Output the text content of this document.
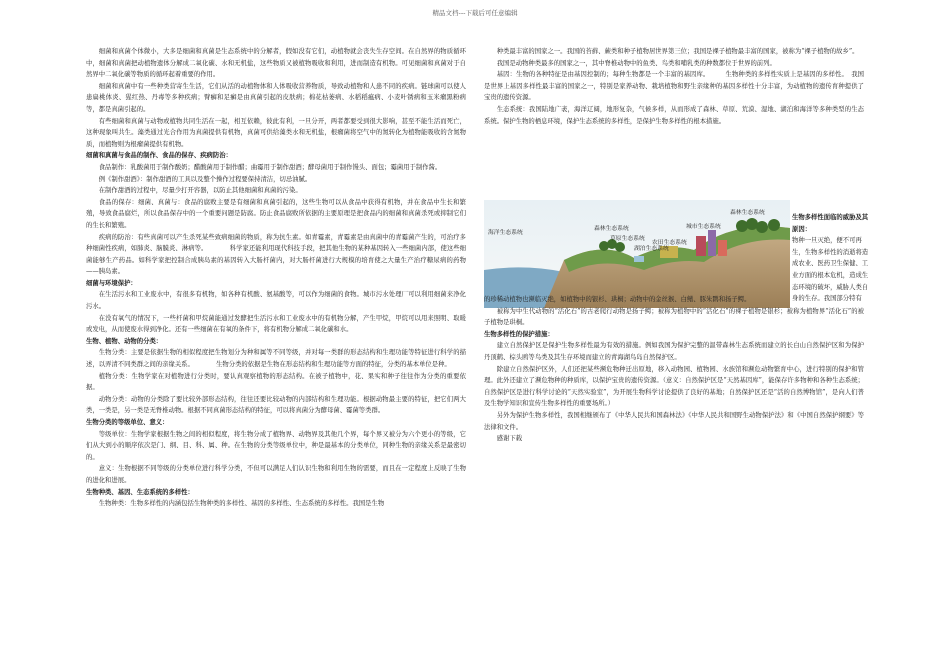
精品文档---下载后可任意编辑

细菌和真菌个体微小，大多是细菌和真菌是生态系统中的分解者，假如没有它们，动植物就会丧失生存空间。在自然界的物质循环中，细菌和真菌把动植物遗体分解成二氧化碳、水和无机盐，这些物质又被植物吸收和利用，进而制造有机物。可见细菌和真菌对于自然界中二氧化碳等物质的循环起着重要的作用。

细菌和真菌中有一些种类营寄生生活，它们从活的动植物体和人体吸收营养物质，导致动植物和人患不同的疾病。链球菌可以使人患扁桃体炎、猩红热、丹毒等多种疾病；臂癣和足癣是由真菌引起的皮肤病；棉花枯萎病、水稻稻瘟病、小麦叶锈病和玉米瘤黑粉病等，都是真菌引起的。

有些细菌和真菌与动物或植物共同生活在一起，相互依赖，彼此有利，一旦分开，两者都要受到很大影响，甚至不能生活而死亡，这种现象叫共生。藻类通过光合作用为真菌提供有机物，真菌可供给藻类水和无机盐，根瘤菌将空气中的氮转化为植物能吸收的含氮物质，而植物则为根瘤菌提供有机物。

细菌和真菌与食品的制作、食品的保存、疾病防治：

食品制作：乳酸菌用于制作酸奶；醋酸菌用于制作醋；曲霉用于制作甜酒；酵母菌用于制作馒头、面包；霉菌用于制作酱。

例《制作甜酒》：制作甜酒的工具以及整个操作过程要保持清洁，切忌油腻。

在制作甜酒的过程中，尽量少打开容器，以防止其他细菌和真菌的污染。

食品的保存：细菌、真菌与：食品的腐败主要是有细菌和真菌引起的，这些生物可以从食品中获得有机物，并在食品中生长和繁殖，导致食品腐烂，所以食品保存中的一个重要问题是防腐。防止食品腐败所依据的主要原理是把食品内的细菌和真菌杀死或抑制它们的生长和繁殖。

疾病的防治：有些真菌可以产生杀死某些致病细菌的物质，称为抗生素。如青霉素，青霉素是由真菌中的青霉菌产生的，可治疗多种细菌性疾病，如肺炎、脑膜炎、淋病等。　　　　科学家还能利用现代科技手段，把其他生物的某种基因转入一些细菌内部，使这些细菌能够生产药品。如科学家把控制合成胰岛素的基因转入大肠杆菌内，对大肠杆菌进行大规模的培育使之大量生产治疗糖尿病的药物——胰岛素。

细菌与环境保护：

在生活污水和工业废水中，有很多有机物，如各种有机酸、氨基酸等，可以作为细菌的食物。城市污水处理厂可以利用细菌来净化污水。

在没有氧气的情况下，一些杆菌和甲烷菌能通过发酵把生活污水和工业废水中的有机物分解，产生甲烷，甲烷可以用来照明、取暖或发电，从而使废水得到净化。还有一些细菌在有氧的条件下，将有机物分解成二氧化碳和水。

生物、植物、动物的分类：

生物分类：主要是依据生物的相似程度把生物划分为种和属等不同等级，并对每一类群的形态结构和生理功能等特征进行科学的描述，以弄清不同类群之间的亲缘关系。　　　　生物分类的依据是生物在形态结构和生理功能等方面的特征，分类的基本单位是种。

植物分类：生物学家在对植物进行分类时，要认真观察植物的形态结构。在被子植物中，花、果实和种子往往作为分类的重要依据。

动物分类：动物的分类除了要比较外部形态结构，往往还要比较动物的内部结构和生理功能。根据动物最主要的特征，把它们两大类，一类是，另一类是无脊椎动物。根据不同真菌形态结构的特征，可以将真菌分为酵母菌、霉菌等类群。

生物分类的等级单位、意义：

等级单位：生物学家根据生物之间的相似程度，将生物分成了植物界、动物界及其他几个界，每个界又被分为六个更小的等级，它们从大到小的顺序依次是门、纲、目、科、属、种。在生物的分类等级单位中，种是最基本的分类单位，同种生物的亲缘关系是最密切的。

意义：生物根据不同等级的分类单位进行科学分类，不但可以满足人们认识生物和利用生物的需要，而且在一定程度上反映了生物的进化和进展。

生物种类、基因、生态系统的多样性：

生物种类：生物多样性的内涵包括生物种类的多样性、基因的多样性、生态系统的多样性。我国是生物

种类最丰富的国家之一。我国的苔藓、蕨类和种子植物居世界第三位；我国是裸子植物最丰富的国家，被称为“裸子植物的故乡”。

我国是动物种类最多的国家之一，其中脊椎动物中的鱼类、鸟类和哺乳类的种数都位于世界的前列。

基因：生物的各种特征是由基因控制的；每种生物都是一个丰富的基因库。　　　生物种类的多样性实质上是基因的多样性。　我国是世界上基因多样性最丰富的国家之一，特别是家养动物、栽培植物和野生亲缘种的基因多样性十分丰富，为动植物的遗传育种提供了宝贵的遗传资源。

生态系统：我国陆地广袤，海洋辽阔，地形复杂，气候多样，从而形成了森林、草原、荒漠、湿地、湖泊和海洋等多种类型的生态系统。保护生物的栖息环境，保护生态系统的多样性，是保护生物多样性的根本措施。

海洋生态系统
森林生态系统
草原生态系统
湖泊生态系统
农田生态系统
城市生态系统
森林生态系统
生物多样性面临的威胁及其原因：
物种一旦灭绝，便不可再生，生物多样性的消逝将造成农业、医药卫生保健、工业方面的根本危机，造成生态环境的破坏，威胁人类自身的生存。我国部分特有

的珍稀动植物也濒临灭绝，如植物中的银杉、珙桐；动物中的金丝猴、白鳍、豚朱鹮和扬子鳄。

被称为中生代动物的“活化石”的古老爬行动物是扬子鳄；被称为植物中的“活化石”的裸子植物是银杉；被称为植物界“活化石”的被子植物是珙桐。

生物多样性的保护措施：

建立自然保护区是保护生物多样性最为有效的措施。例如我国为保护完整的温带森林生态系统而建立的长白山自然保护区和为保护丹顶鹤、棕头鸥等鸟类及其生存环境而建立的青海湖鸟岛自然保护区。

除建立自然保护区外，人们还把某些濒危物种迁出原地，移入动物园、植物园、水族馆和濒危动物繁育中心，进行特别的保护和管理。此外还建立了濒危物种的种质库，以保护宝贵的遗传资源。（意义：自然保护区是“天然基因库”，能保存许多物种和各种生态系统；自然保护区是进行科学讨论的“天然实验室”，为开展生物科学讨论提供了良好的基地；自然保护区还是“活的自然博物馆”，是向人们普及生物学知识和宣传生物多样性的重要场所。）

另外为保护生物多样性，我国相继颁布了《中华人民共和国森林法》《中华人民共和国野生动物保护法》和《中国自然保护纲要》等法律和文件。

感谢下载
